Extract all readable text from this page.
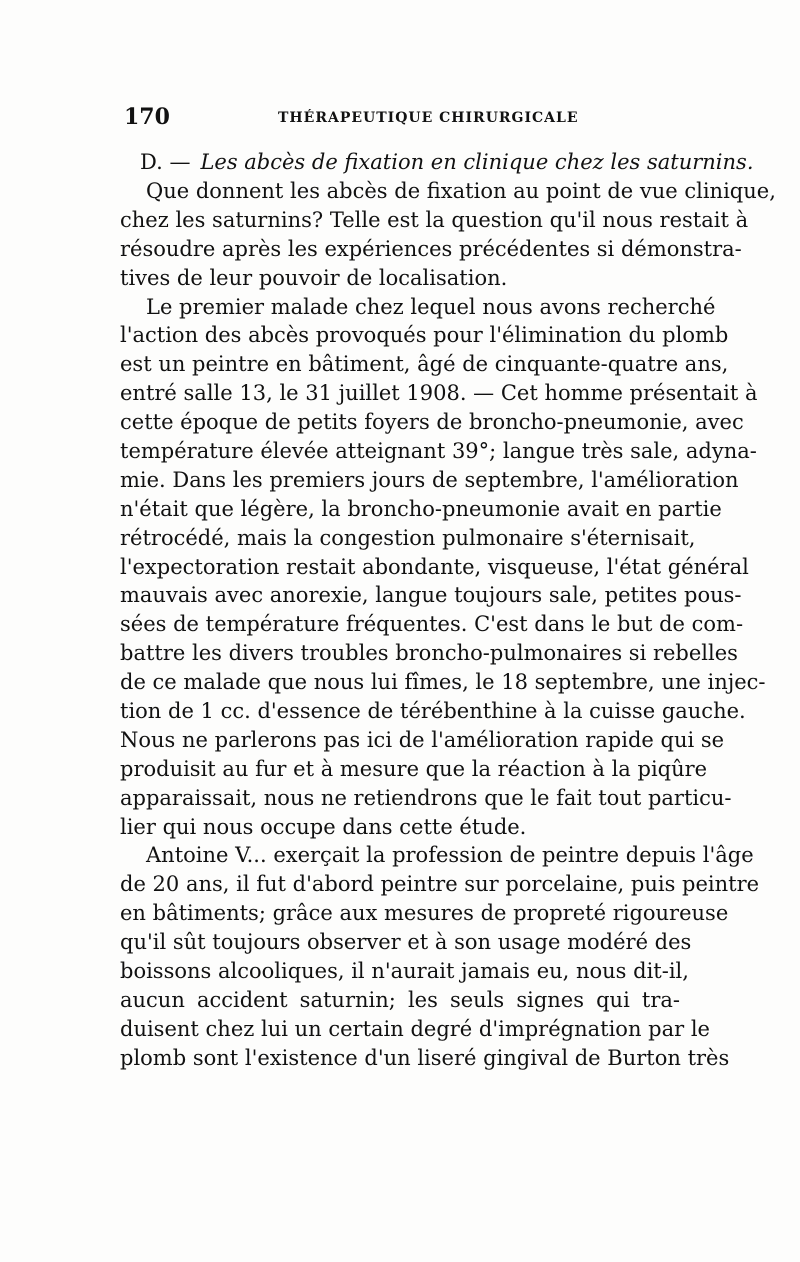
170	THÉRAPEUTIQUE CHIRURGICALE
D. — Les abcès de fixation en clinique chez les saturnins.
Que donnent les abcès de fixation au point de vue clinique,
chez les saturnins? Telle est la question qu'il nous restait à
résoudre après les expériences précédentes si démonstra-
tives de leur pouvoir de localisation.
Le premier malade chez lequel nous avons recherché
l'action des abcès provoqués pour l'élimination du plomb
est un peintre en bâtiment, âgé de cinquante-quatre ans,
entré salle 13, le 31 juillet 1908. — Cet homme présentait à
cette époque de petits foyers de broncho-pneumonie, avec
température élevée atteignant 39°; langue très sale, adyna-
mie. Dans les premiers jours de septembre, l'amélioration
n'était que légère, la broncho-pneumonie avait en partie
rétrocédé, mais la congestion pulmonaire s'éternisait,
l'expectoration restait abondante, visqueuse, l'état général
mauvais avec anorexie, langue toujours sale, petites pous-
sées de température fréquentes. C'est dans le but de com-
battre les divers troubles broncho-pulmonaires si rebelles
de ce malade que nous lui fîmes, le 18 septembre, une injec-
tion de 1 cc. d'essence de térébenthine à la cuisse gauche.
Nous ne parlerons pas ici de l'amélioration rapide qui se
produisit au fur et à mesure que la réaction à la piqûre
apparaissait, nous ne retiendrons que le fait tout particu-
lier qui nous occupe dans cette étude.
Antoine V... exerçait la profession de peintre depuis l'âge
de 20 ans, il fut d'abord peintre sur porcelaine, puis peintre
en bâtiments; grâce aux mesures de propreté rigoureuse
qu'il sût toujours observer et à son usage modéré des
boissons alcooliques, il n'aurait jamais eu, nous dit-il,
aucun accident saturnin; les seuls signes qui tra-
duisent chez lui un certain degré d'imprégnation par le
plomb sont l'existence d'un liseré gingival de Burton très
